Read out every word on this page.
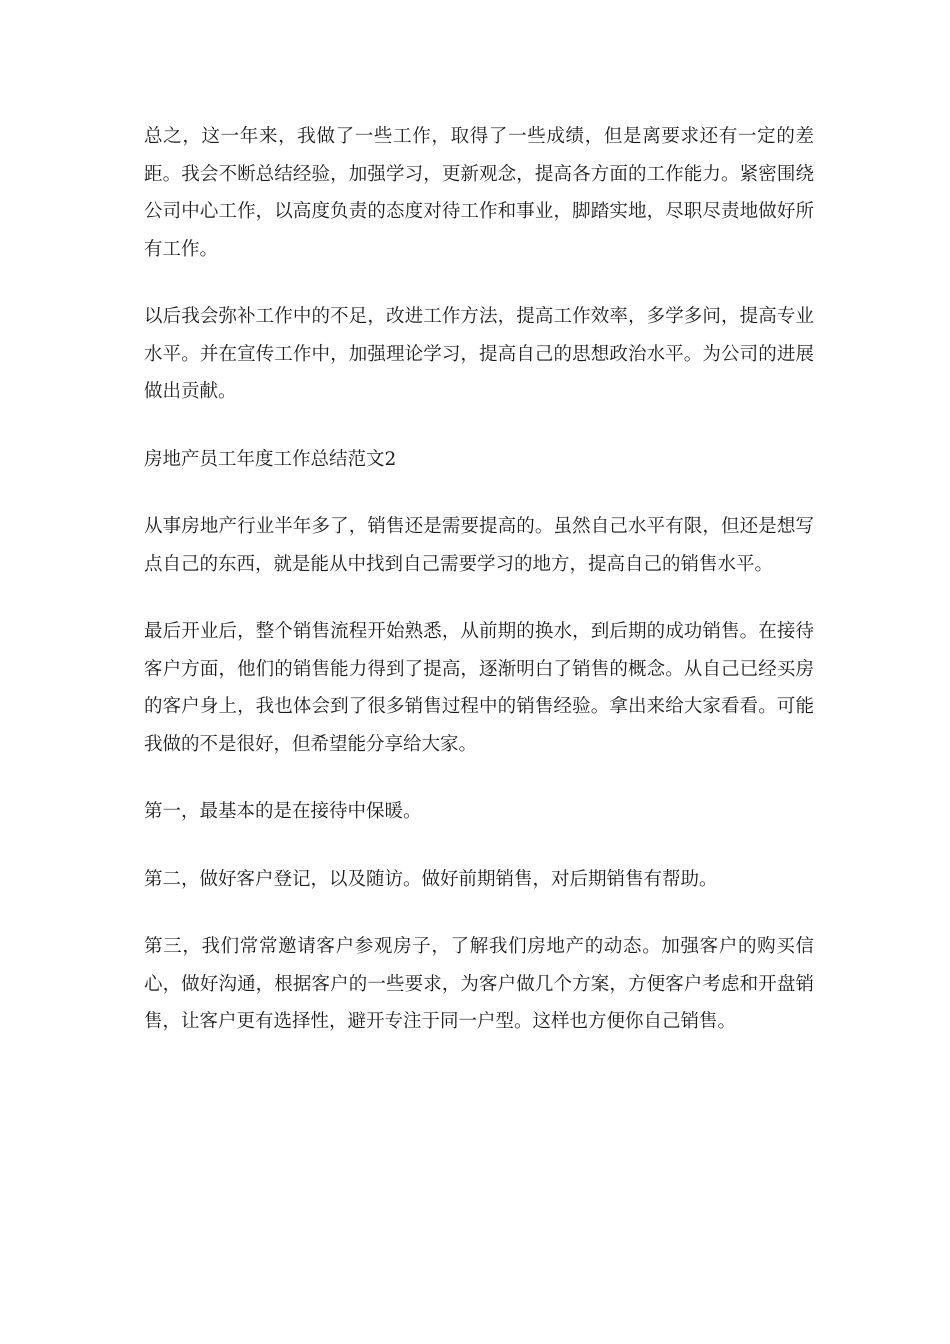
总之，这一年来，我做了一些工作，取得了一些成绩，但是离要求还有一定的差距。我会不断总结经验，加强学习，更新观念，提高各方面的工作能力。紧密围绕公司中心工作，以高度负责的态度对待工作和事业，脚踏实地，尽职尽责地做好所有工作。

以后我会弥补工作中的不足，改进工作方法，提高工作效率，多学多问，提高专业水平。并在宣传工作中，加强理论学习，提高自己的思想政治水平。为公司的进展做出贡献。

房地产员工年度工作总结范文2

从事房地产行业半年多了，销售还是需要提高的。虽然自己水平有限，但还是想写点自己的东西，就是能从中找到自己需要学习的地方，提高自己的销售水平。

最后开业后，整个销售流程开始熟悉，从前期的换水，到后期的成功销售。在接待客户方面，他们的销售能力得到了提高，逐渐明白了销售的概念。从自己已经买房的客户身上，我也体会到了很多销售过程中的销售经验。拿出来给大家看看。可能我做的不是很好，但希望能分享给大家。

第一，最基本的是在接待中保暖。

第二，做好客户登记，以及随访。做好前期销售，对后期销售有帮助。

第三，我们常常邀请客户参观房子，了解我们房地产的动态。加强客户的购买信心，做好沟通，根据客户的一些要求，为客户做几个方案，方便客户考虑和开盘销售，让客户更有选择性，避开专注于同一户型。这样也方便你自己销售。
